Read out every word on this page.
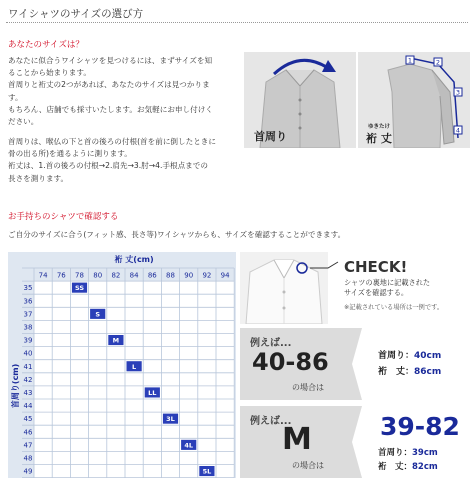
ワイシャツのサイズの選び方
あなたのサイズは？

あなたに似合うワイシャツを見つけるには、まずサイズを知

ることから始まります。

首周りと裄丈の2つがあれば、あなたのサイズは見つかりま

す。

もちろん、店舗でも採寸いたします。お気軽にお申し付けく

ださい。

首周りは、喉仏の下と首の後ろの付根(首を前に倒したときに

骨の出る所)を通るように測ります。

裄丈は、1.首の後ろの付根→2.肩先→3.肘→4.手根点までの

長さを測ります。

首周り
1	2
3
4
ゆきたけ
裄 丈
お手持ちのシャツで確認する
ご自分のサイズに合う(フィット感、長さ等)ワイシャツからも、サイズを確認することができます。
裄 丈(cm)
首周り(cm)
74 76 78 80 82 84 86 88 90 92 94
35
36
37
38
39
40
41
42
43
44
45
46
47
48
49
SS
S
M
L
LL
3L
4L
5L
CHECK!
シャツの裏地に記載された
サイズを確認する。
※記載されている場所は一例です。
例えば...
40-86
の場合は
首周り：40cm
裄　丈：86cm
例えば...
M
の場合は
39-82
首周り：39cm
裄　丈：82cm
